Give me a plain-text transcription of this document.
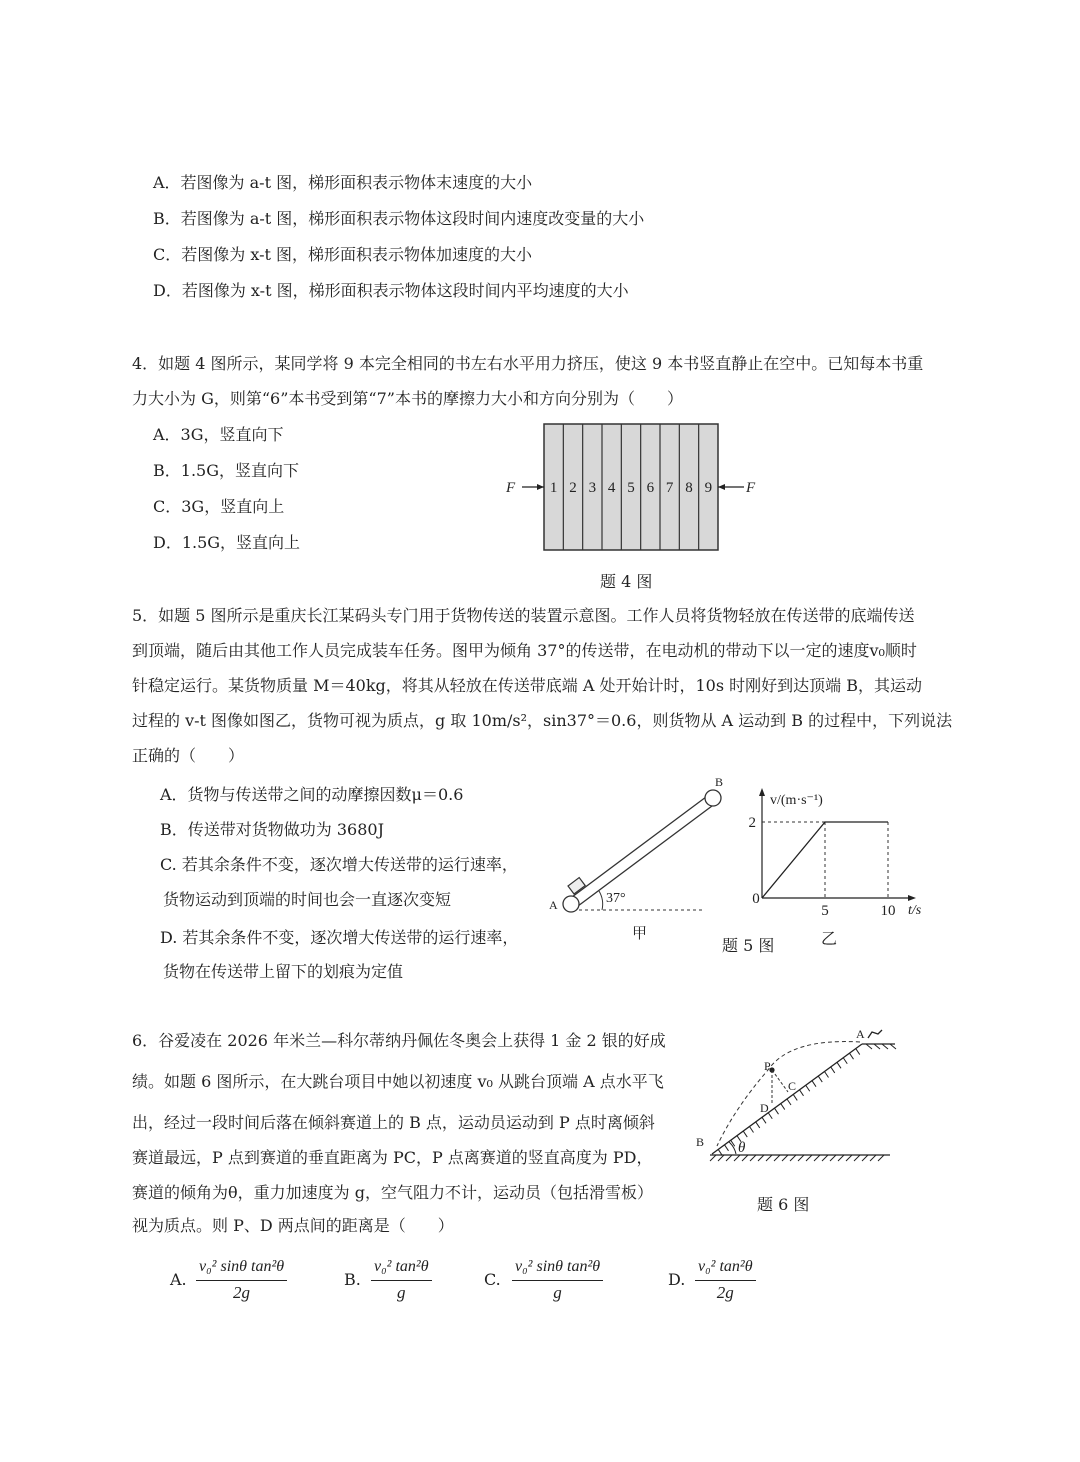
A．若图像为 a-t 图，梯形面积表示物体末速度的大小
B．若图像为 a-t 图，梯形面积表示物体这段时间内速度改变量的大小
C．若图像为 x-t 图，梯形面积表示物体加速度的大小
D．若图像为 x-t 图，梯形面积表示物体这段时间内平均速度的大小
4．如题 4 图所示，某同学将 9 本完全相同的书左右水平用力挤压，使这 9 本书竖直静止在空中。已知每本书重
力大小为 G，则第“6”本书受到第“7”本书的摩擦力大小和方向分别为（　　）
A．3G，竖直向下
B．1.5G，竖直向下
C．3G，竖直向上
D．1.5G，竖直向上
1 2 3 4 5 6 7 8 9
F	F
题 4 图
5．如题 5 图所示是重庆长江某码头专门用于货物传送的装置示意图。工作人员将货物轻放在传送带的底端传送
到顶端，随后由其他工作人员完成装车任务。图甲为倾角 37°的传送带，在电动机的带动下以一定的速度v₀顺时
针稳定运行。某货物质量 M＝40kg，将其从轻放在传送带底端 A 处开始计时，10s 时刚好到达顶端 B，其运动
过程的 v-t 图像如图乙，货物可视为质点，g 取 10m/s²，sin37°＝0.6，则货物从 A 运动到 B 的过程中，下列说法
正确的（　　）
A．货物与传送带之间的动摩擦因数μ＝0.6
B．传送带对货物做功为 3680J
C. 若其余条件不变，逐次增大传送带的运行速率，
货物运动到顶端的时间也会一直逐次变短
D. 若其余条件不变，逐次增大传送带的运行速率，
货物在传送带上留下的划痕为定值
37°
A
B
甲
v/(m·s⁻¹)
t/s
0
5	10
2
乙
题 5 图
6．谷爱凌在 2026 年米兰—科尔蒂纳丹佩佐冬奥会上获得 1 金 2 银的好成
绩。如题 6 图所示，在大跳台项目中她以初速度 v₀ 从跳台顶端 A 点水平飞
出，经过一段时间后落在倾斜赛道上的 B 点，运动员运动到 P 点时离倾斜
赛道最远，P 点到赛道的垂直距离为 PC，P 点离赛道的竖直高度为 PD，
赛道的倾角为θ，重力加速度为 g，空气阻力不计，运动员（包括滑雪板）
视为质点。则 P、D 两点间的距离是（　　）
A
P
C
D
B θ
题 6 图
A. $\frac{\text{v₀² sinθ tan²θ}}{2g}$	B. $\frac{\text{v₀² tan²θ}}{g}$	C. $\frac{\text{v₀² sinθ tan²θ}}{g}$	D. $\frac{\text{v₀² tan²θ}}{2g}$
